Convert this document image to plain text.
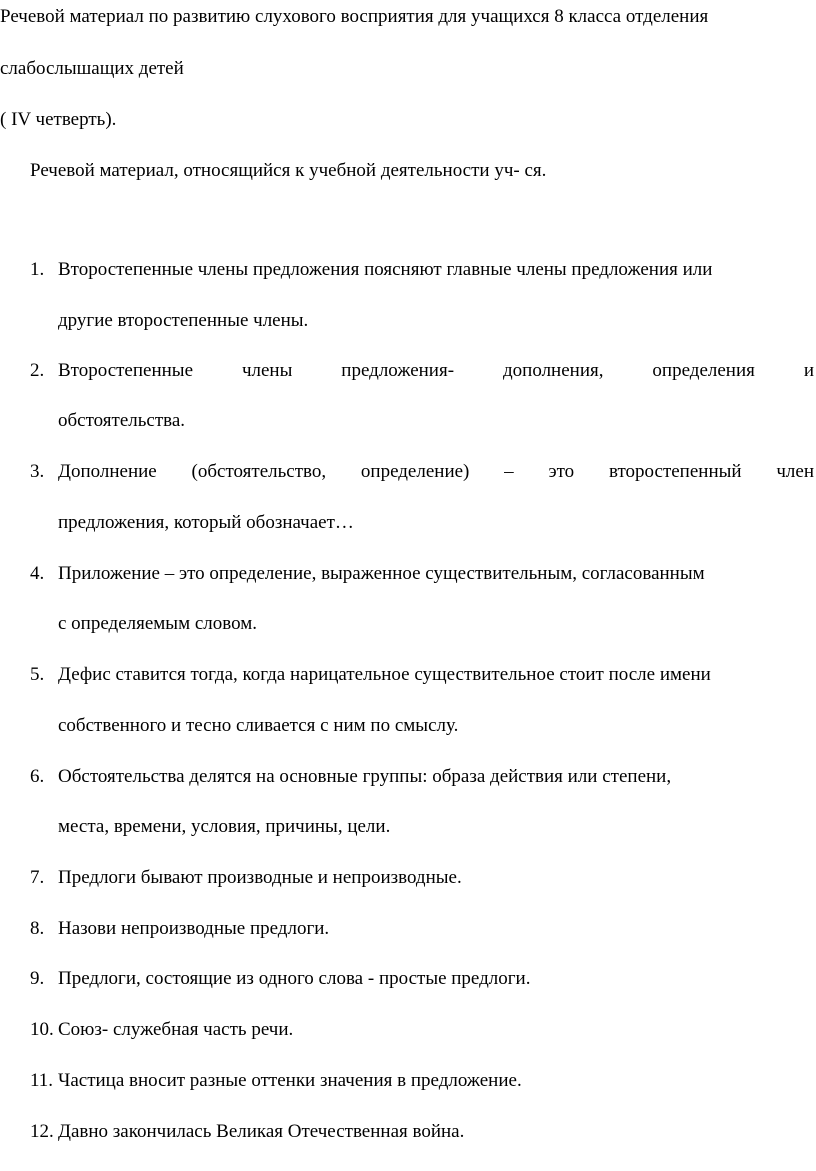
Речевой материал по развитию слухового восприятия для учащихся 8 класса отделения
слабослышащих детей
( IV четверть).
Речевой материал, относящийся к учебной деятельности уч- ся.
1. Второстепенные члены предложения поясняют главные члены предложения или
другие второстепенные члены.
2. Второстепенные	члены	предложения-	дополнения,	определения	и
обстоятельства.
3. Дополнение (обстоятельство, определение) – это второстепенный член
предложения, который обозначает…
4. Приложение – это определение, выраженное существительным, согласованным
с определяемым словом.
5. Дефис ставится тогда, когда нарицательное существительное стоит после имени
собственного и тесно сливается с ним по смыслу.
6. Обстоятельства делятся на основные группы: образа действия или степени,
места, времени, условия, причины, цели.
7. Предлоги бывают производные и непроизводные.
8. Назови непроизводные предлоги.
9. Предлоги, состоящие из одного слова - простые предлоги.
10. Союз- служебная часть речи.
11. Частица вносит разные оттенки значения в предложение.
12. Давно закончилась Великая Отечественная война.
